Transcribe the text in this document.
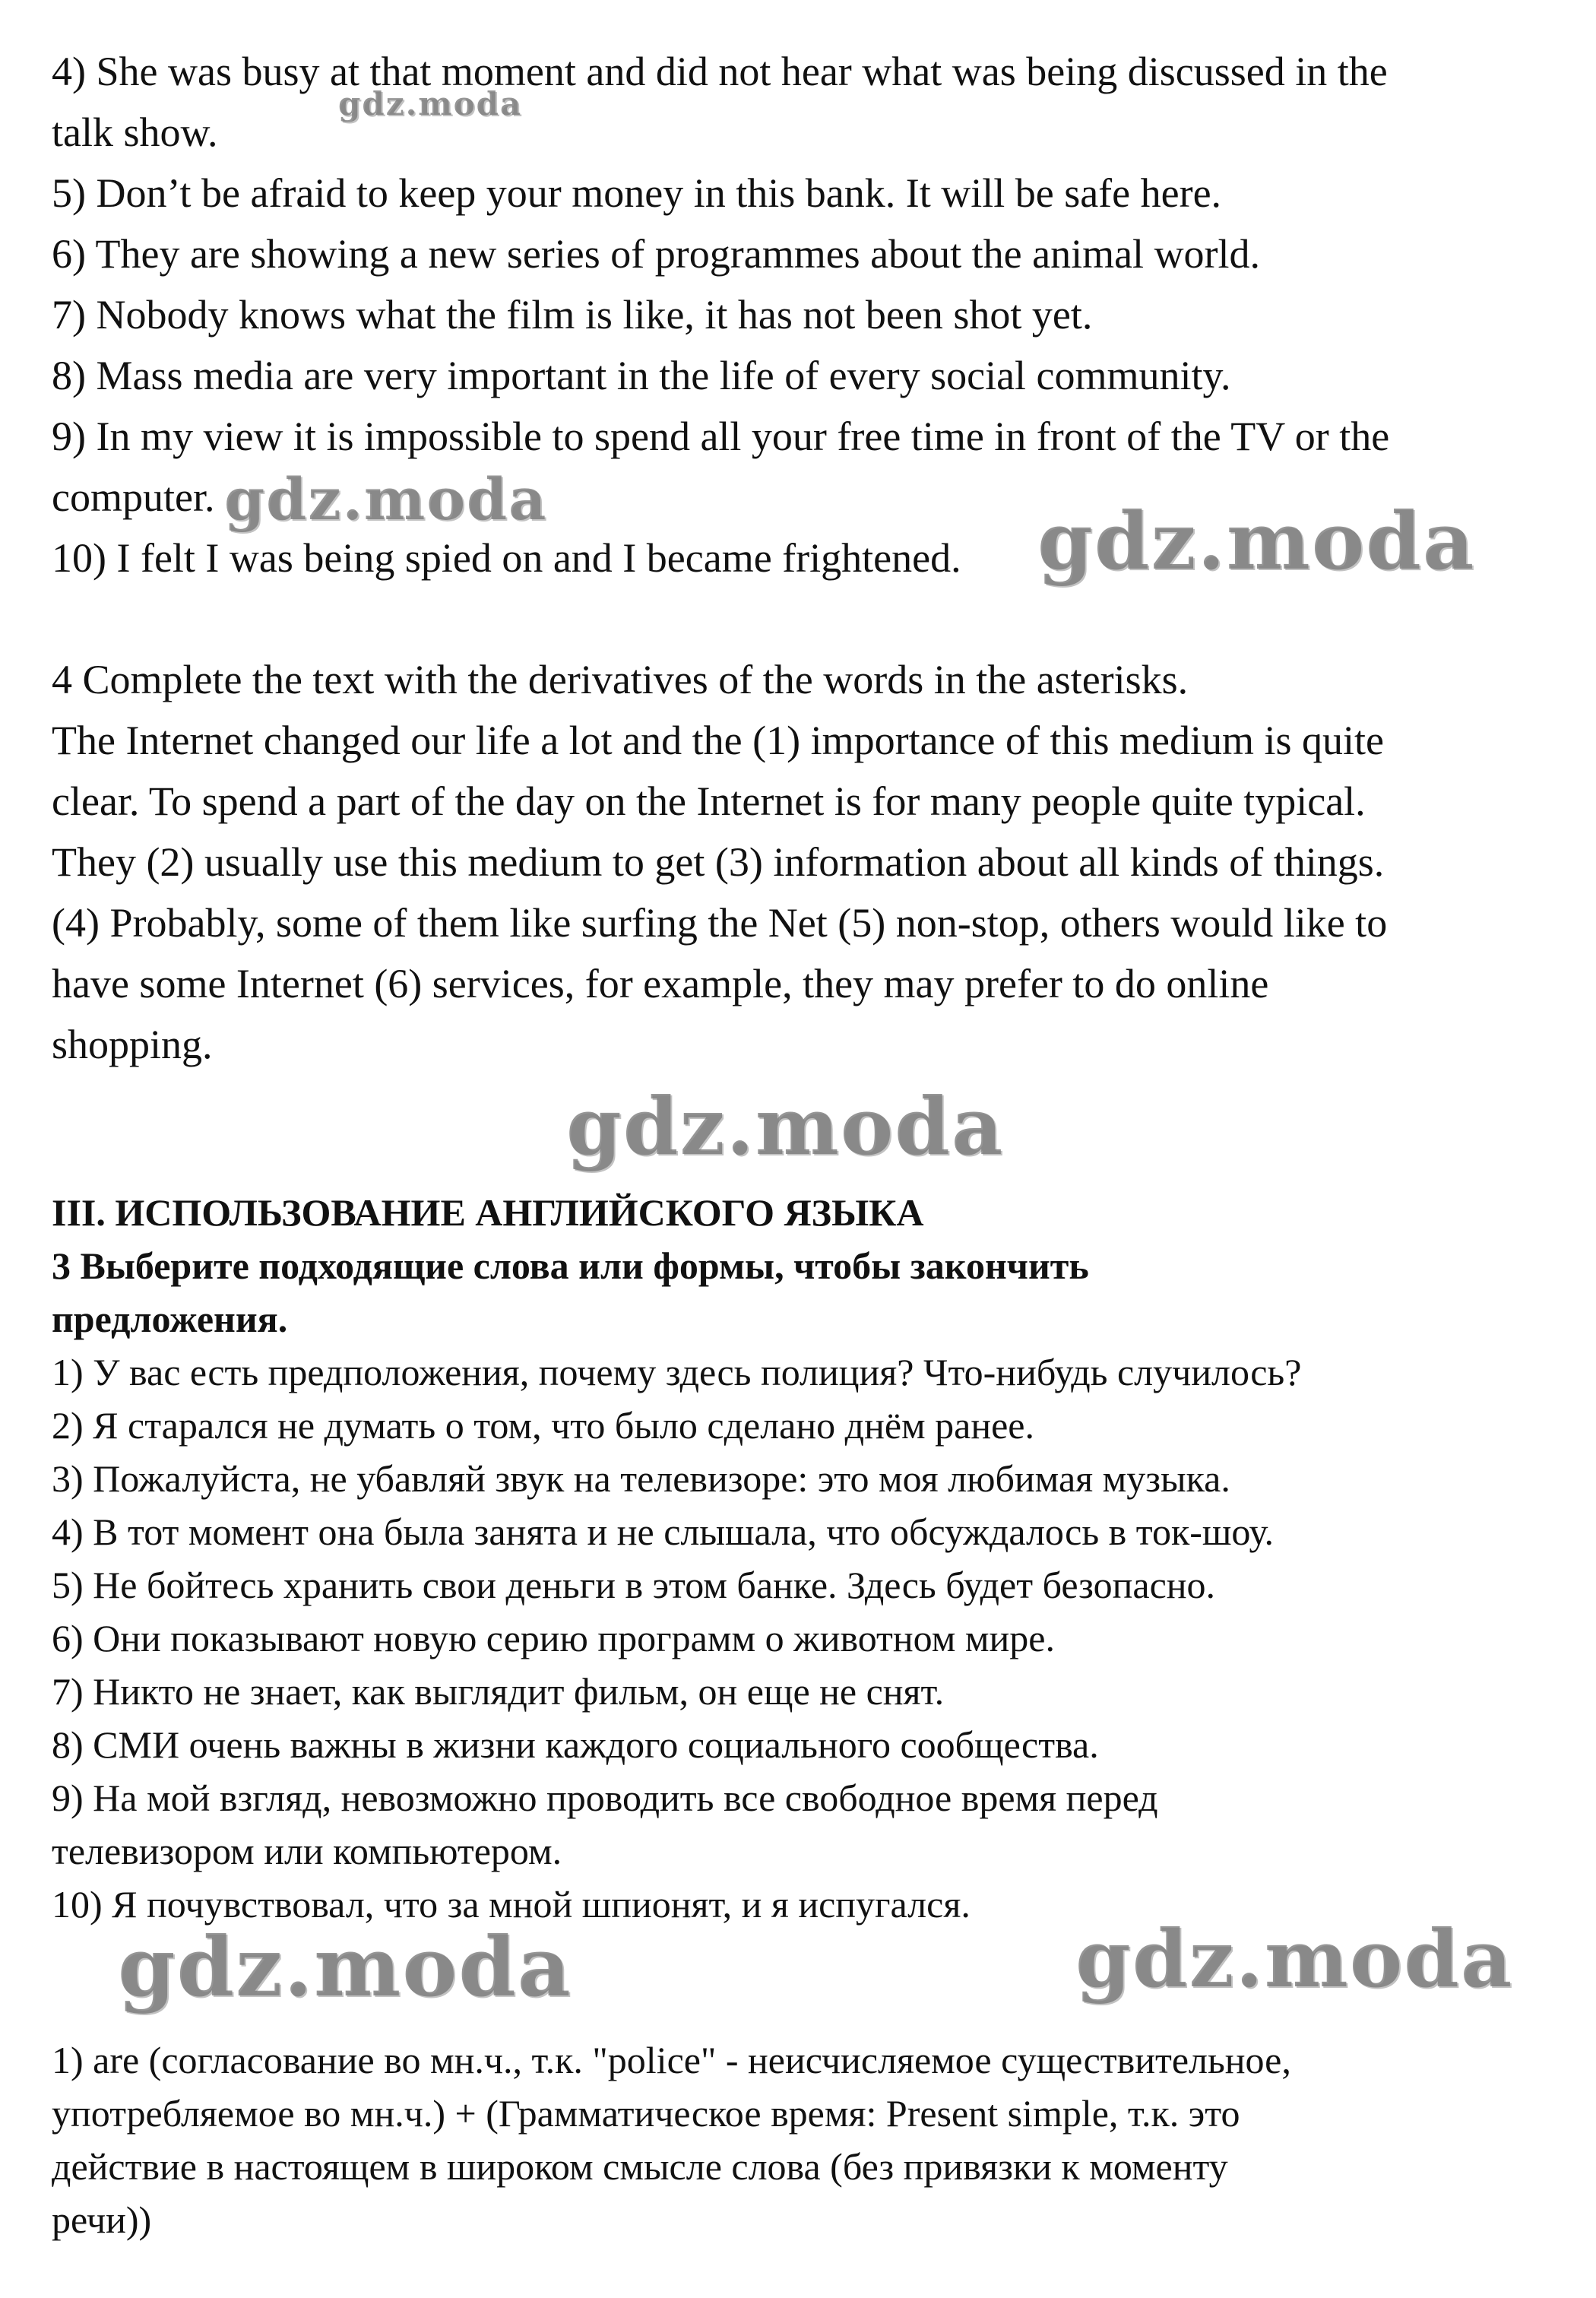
4) She was busy at that moment and did not hear what was being discussed in the
talk show.
5) Don’t be afraid to keep your money in this bank. It will be safe here.
6) They are showing a new series of programmes about the animal world.
7) Nobody knows what the film is like, it has not been shot yet.
8) Mass media are very important in the life of every social community.
9) In my view it is impossible to spend all your free time in front of the TV or the
computer.
10) I felt I was being spied on and I became frightened.
4 Complete the text with the derivatives of the words in the asterisks.
The Internet changed our life a lot and the (1) importance of this medium is quite
clear. To spend a part of the day on the Internet is for many people quite typical.
They (2) usually use this medium to get (3) information about all kinds of things.
(4) Probably, some of them like surfing the Net (5) non-stop, others would like to
have some Internet (6) services, for example, they may prefer to do online
shopping.
III. ИСПОЛЬЗОВАНИЕ АНГЛИЙСКОГО ЯЗЫКА
3 Выберите подходящие слова или формы, чтобы закончить
предложения.
1) У вас есть предположения, почему здесь полиция? Что-нибудь случилось?
2) Я старался не думать о том, что было сделано днём ранее.
3) Пожалуйста, не убавляй звук на телевизоре: это моя любимая музыка.
4) В тот момент она была занята и не слышала, что обсуждалось в ток-шоу.
5) Не бойтесь хранить свои деньги в этом банке. Здесь будет безопасно.
6) Они показывают новую серию программ о животном мире.
7) Никто не знает, как выглядит фильм, он еще не снят.
8) СМИ очень важны в жизни каждого социального сообщества.
9) На мой взгляд, невозможно проводить все свободное время перед
телевизором или компьютером.
10) Я почувствовал, что за мной шпионят, и я испугался.
1) are (согласование во мн.ч., т.к. "police" - неисчисляемое существительное,
употребляемое во мн.ч.) + (Грамматическое время: Present simple, т.к. это
действие в настоящем в широком смысле слова (без привязки к моменту
речи))
gdz.moda
gdz.moda	gdz.moda
gdz.moda
gdz.moda	gdz.moda
